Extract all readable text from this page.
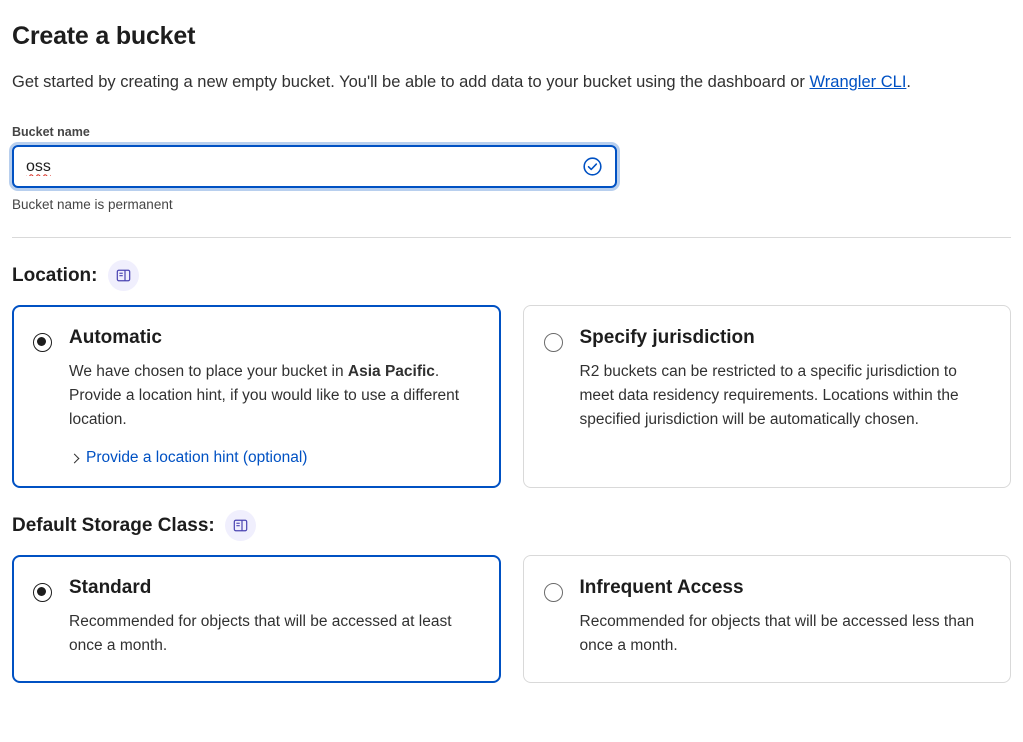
Create a bucket

Get started by creating a new empty bucket. You'll be able to add data to your bucket using the dashboard or Wrangler CLI.

Bucket name
oss
Bucket name is permanent
Location:
Automatic

We have chosen to place your bucket in Asia Pacific. Provide a location hint, if you would like to use a different location.

Provide a location hint (optional)
Specify jurisdiction

R2 buckets can be restricted to a specific jurisdiction to meet data residency requirements. Locations within the specified jurisdiction will be automatically chosen.

Default Storage Class:
Standard

Recommended for objects that will be accessed at least once a month.

Infrequent Access

Recommended for objects that will be accessed less than once a month.
